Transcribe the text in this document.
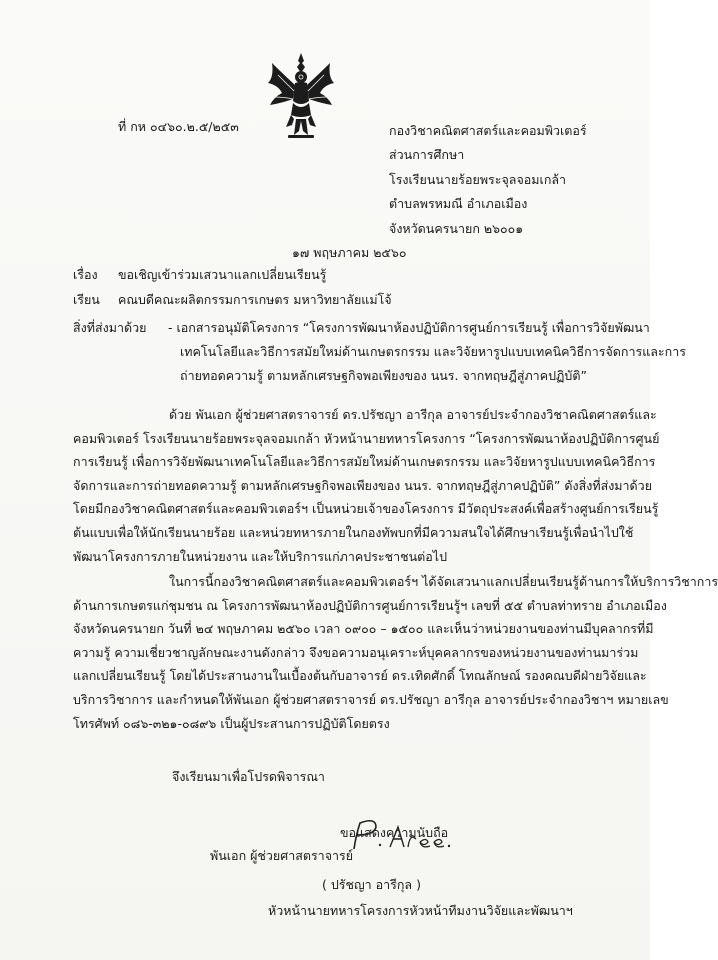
ที่ กห ๐๔๖๐.๒.๕/๒๕๓	กองวิชาคณิตศาสตร์และคอมพิวเตอร์
ส่วนการศึกษา
โรงเรียนนายร้อยพระจุลจอมเกล้า
ตำบลพรหมณี อำเภอเมือง
จังหวัดนครนายก ๒๖๐๐๑
๑๗ พฤษภาคม ๒๕๖๐
เรื่อง ขอเชิญเข้าร่วมเสวนาแลกเปลี่ยนเรียนรู้
เรียน คณบดีคณะผลิตกรรมการเกษตร มหาวิทยาลัยแม่โจ้
สิ่งที่ส่งมาด้วย - เอกสารอนุมัติโครงการ “โครงการพัฒนาห้องปฏิบัติการศูนย์การเรียนรู้ เพื่อการวิจัยพัฒนา
เทคโนโลยีและวิธีการสมัยใหม่ด้านเกษตรกรรม และวิจัยหารูปแบบเทคนิควิธีการจัดการและการ
ถ่ายทอดความรู้ ตามหลักเศรษฐกิจพอเพียงของ นนร. จากทฤษฎีสู่ภาคปฏิบัติ”
ด้วย พันเอก ผู้ช่วยศาสตราจารย์ ดร.ปรัชญา อารีกุล อาจารย์ประจำกองวิชาคณิตศาสตร์และ
คอมพิวเตอร์ โรงเรียนนายร้อยพระจุลจอมเกล้า หัวหน้านายทหารโครงการ “โครงการพัฒนาห้องปฏิบัติการศูนย์
การเรียนรู้ เพื่อการวิจัยพัฒนาเทคโนโลยีและวิธีการสมัยใหม่ด้านเกษตรกรรม และวิจัยหารูปแบบเทคนิควิธีการ
จัดการและการถ่ายทอดความรู้ ตามหลักเศรษฐกิจพอเพียงของ นนร. จากทฤษฎีสู่ภาคปฏิบัติ” ดังสิ่งที่ส่งมาด้วย
โดยมีกองวิชาคณิตศาสตร์และคอมพิวเตอร์ฯ เป็นหน่วยเจ้าของโครงการ มีวัตถุประสงค์เพื่อสร้างศูนย์การเรียนรู้
ต้นแบบเพื่อให้นักเรียนนายร้อย และหน่วยทหารภายในกองทัพบกที่มีความสนใจได้ศึกษาเรียนรู้เพื่อนำไปใช้
พัฒนาโครงการภายในหน่วยงาน และให้บริการแก่ภาคประชาชนต่อไป
ในการนี้กองวิชาคณิตศาสตร์และคอมพิวเตอร์ฯ ได้จัดเสวนาแลกเปลี่ยนเรียนรู้ด้านการให้บริการวิชาการ
ด้านการเกษตรแก่ชุมชน ณ โครงการพัฒนาห้องปฏิบัติการศูนย์การเรียนรู้ฯ เลขที่ ๕๕ ตำบลท่าทราย อำเภอเมือง
จังหวัดนครนายก วันที่ ๒๔ พฤษภาคม ๒๕๖๐ เวลา ๐๙๐๐ – ๑๕๐๐ และเห็นว่าหน่วยงานของท่านมีบุคลากรที่มี
ความรู้ ความเชี่ยวชาญลักษณะงานดังกล่าว จึงขอความอนุเคราะห์บุคคลากรของหน่วยงานของท่านมาร่วม
แลกเปลี่ยนเรียนรู้ โดยได้ประสานงานในเบื้องต้นกับอาจารย์ ดร.เทิดศักดิ์ โทณลักษณ์ รองคณบดีฝ่ายวิจัยและ
บริการวิชาการ และกำหนดให้พันเอก ผู้ช่วยศาสตราจารย์ ดร.ปรัชญา อารีกุล อาจารย์ประจำกองวิชาฯ หมายเลข
โทรศัพท์ ๐๘๖-๓๒๑-๐๘๙๖ เป็นผู้ประสานการปฏิบัติโดยตรง
จึงเรียนมาเพื่อโปรดพิจารณา
ขอแสดงความนับถือ
พันเอก ผู้ช่วยศาสตราจารย์
( ปรัชญา อารีกุล )
หัวหน้านายทหารโครงการหัวหน้าทีมงานวิจัยและพัฒนาฯ
